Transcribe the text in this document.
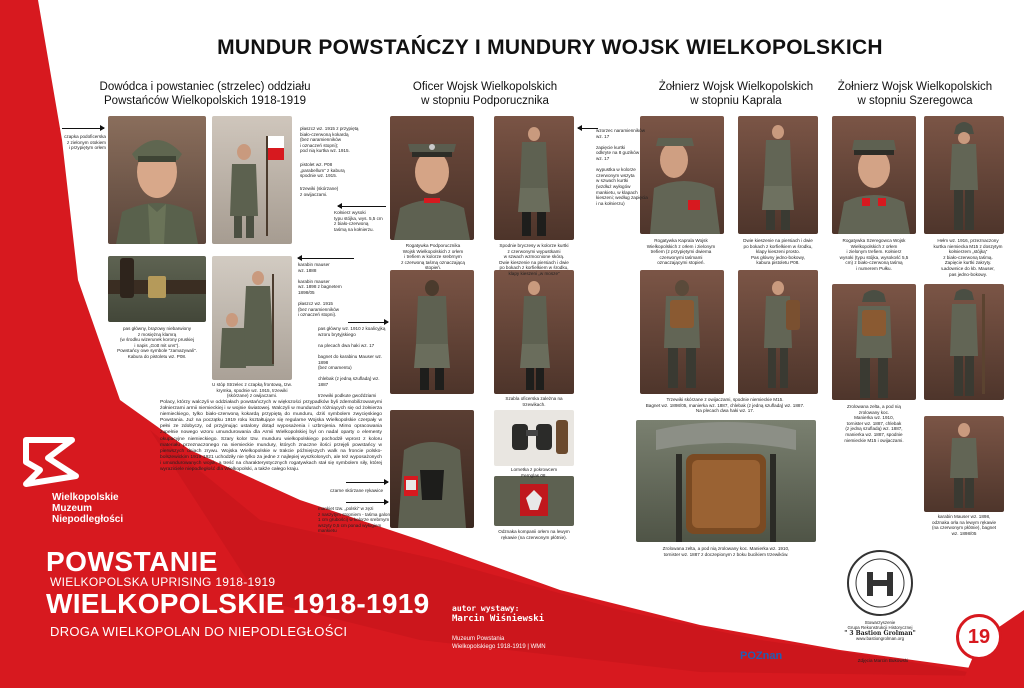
MUNDUR POWSTAŃCZY I MUNDURY WOJSK WIELKOPOLSKICH
Dowódca i powstaniec (strzelec) oddziału
Powstańców Wielkopolskich 1918-1919
Oficer Wojsk Wielkopolskich
w stopniu Podporucznika
Żołnierz Wojsk Wielkopolskich
w stopniu Kaprala
Żołnierz Wojsk Wielkopolskich
w stopniu Szeregowca
czapka podoficerska
z zielonym otokiem
i przypiętym orłem
płaszcz wz. 1915 z przypiętą
biało-czerwoną kokardą
(bez naramienników
i oznaczeń stopni);
pod nią kurtka wz. 1915.
pistolet wz. P08
„parabellum” z kaburą
spodnie wz. 1915.
trzewiki (skórzane)
z owijaczami.
Kołnierz wysoki
typu stójka, wys. 5,5 cm
z biało-czerwoną
taśmą na kołnierzu.
pas główny, brązowy niebarwiony
z mosiężną klamrą
(w środku wizerunek korony pruskiej
i napis „Gott mit uns”).
Powstańcy owe symbole "zamazywali".
Kabura do pistoletu wz. P08.
karabin mauser
wz. 1888

karabin mauser
wz. 1898 z bagnetem
1898/05

płaszcz wz. 1915
(bez naramienników
i oznaczeń stopni).
U stóp Strzelec z czapką frontową, tzw.
krymka, spodnie wz. 1915, trzewiki
(skórzane) z owijaczami.
Rogatywka Podporucznika
Wojsk Wielkopolskich z orłem
i trefiem w kolorze srebrnym
z czerwoną taśmą oznaczającą
stopień.
Spodnie bryczesy w kolorze kurtki
z czerwonymi wypustkami
w szwach wzmocnione skórą.
Dwie kieszenie na piersiach i dwie
po bokach z korfielkiem w środku,
klapy kieszeni „w mosze”
wzorzec naramienników
wz. 17

zapięcie kurtki
odkryte na 8 guzików
wz. 17

wypustka w kolorze
czerwonym wszyta
w szwach kurtki
(wzdłuż wyłogów
mankietu, w klapach
kieszeni; według zapięcia
i na kołnierzu)
pas główny wz. 1910 z koalicyjką
wzoru brytyjskiego

na plecach dwa haki wz. 17

bagnet do karabinu Mauser wz. 1898
(bez ornamentu)

chlebak (z jedną szufladą) wz. 1887

trzewiki podkute gwoździami
Szabla oficerska zależna na
trzewikach.
Lornetka z pokrowcem
Fernglas 08.
czarne skórzane rękawice
mankiet tzw. „polski” w zęzi
z naszytym stopniem - taśma galon
1 cm grubości) w kolorze srebrnym
wszyty 0,5 cm ponad wyłogiem
mankietu	Odznaka kompanii orłem na lewym
rękawie (na czerwonym płótnie).
Rogatywka Kaprala Wojsk
Wielkopolskich z orłem i zielonym
trefiem (z przypiętymi dwiema
czerwonymi taśmami
oznaczającymi stopień.
Dwie kieszenie na piersiach i dwie
po bokach z korfielkiem w środku,
klapy kieszeni prosto.
Pas główny jedno-bokowy,
kabura pistoletu P08.
Trzewiki skórzane z owijaczami, spodnie niemieckie M15.
Bagnet wz. 1898/05, manierka wz. 1887, chlebak (z jedną szufladą) wz. 1887.
Na plecach dwa haki wz. 17.
Zrolowana zelta, a pod nią zrolowany koc. Manierka wz. 1910,
tornister wz. 1887 z doczepionym z boku bucikiem trzewików.
Rogatywka Szeregowca Wojsk
Wielkopolskich z orłem
i zielonym trefiem. Kołnierz
wysoki (typu stójka, wysokość 5,5
cm) z biało-czerwoną taśmą
i numerem Pułku.
Hełm wz. 1916, przeznaczony
kurtka niemiecka M15 z doszytym
kołnierzem „stójką”
z biało-czerwoną taśmą.
Zapięcie kurtki zakryty.
Ładownice do kb. Mauser,
pas jedno-bokowy.
Zrolowana zelta, a pod nią
zrolowany koc.
Manierka wz. 1910,
tornister wz. 1887, chlebak
(z jedną szufladą) wz. 1887,
manierka wz. 1887, spodnie
niemieckie M15 i owijaczami.
karabin Mauser wz. 1898,
odznaka orła na lewym rękawie
(na czerwonym płótnie), bagnet
wz. 1898/05
Polacy, którzy walczyli w oddziałach powstańczych w większości przypadków byli zdemobilizowanymi żołnierzami armii niemieckiej i w wojnie światowej. Walczyli w mundurach różniących się od żołnierza niemieckiego, tylko biało-czerwoną kokardą przypiętą do munduru, dziś symbolem zwycięskiego Powstania. Już na początku 1919 roku kształtujące się regularne Wojska Wielkopolskie czerpały w pełni ze zdobyczy, od przyjmując ustalony dotąd wyposażenia i uzbrojenia. Mimo opracowania zupełnie nowego wzoru umundurowania dla Armii Wielkopolskiej był on nadal oparty o elementy okupacyjne niemieckiego. Szary kolor tzw. munduru wielkopolskiego pochodził wprost z koloru materiału przeznaczonego na niemieckie mundury, których znaczne ilości przejęli powstańcy w pierwszych dniach zrywu. Wojska Wielkopolskie w trakcie późniejszych walk na froncie polsko-bolszewickim 1919-1921 uchodziły nie tylko za jedne z najlepiej wyszkolonych, ale też wyposażonych i umundurowanych wojsk, a treść na charakterystycznych rogatywkach stał się symbolem siły, której wyraziciele niepodległość dla Wielkopolski, a także całego kraju.
Wielkopolskie
Muzeum
Niepodległości
POWSTANIE
WIELKOPOLSKA UPRISING 1918-1919
WIELKOPOLSKIE 1918-1919
DROGA WIELKOPOLAN DO NIEPODLEGŁOŚCI
autor wystawy:
Marcin Wiśniewski
Muzeum Powstania
Wielkopolskiego 1918-1919 | WMN
POZnan
Stowarzyszenie
Grupa Rekonstrukcji Historycznej
" 3 Bastion Grolman"
www.bastiongrolman.org
Zdjęcia Marcin Bukowski
19
